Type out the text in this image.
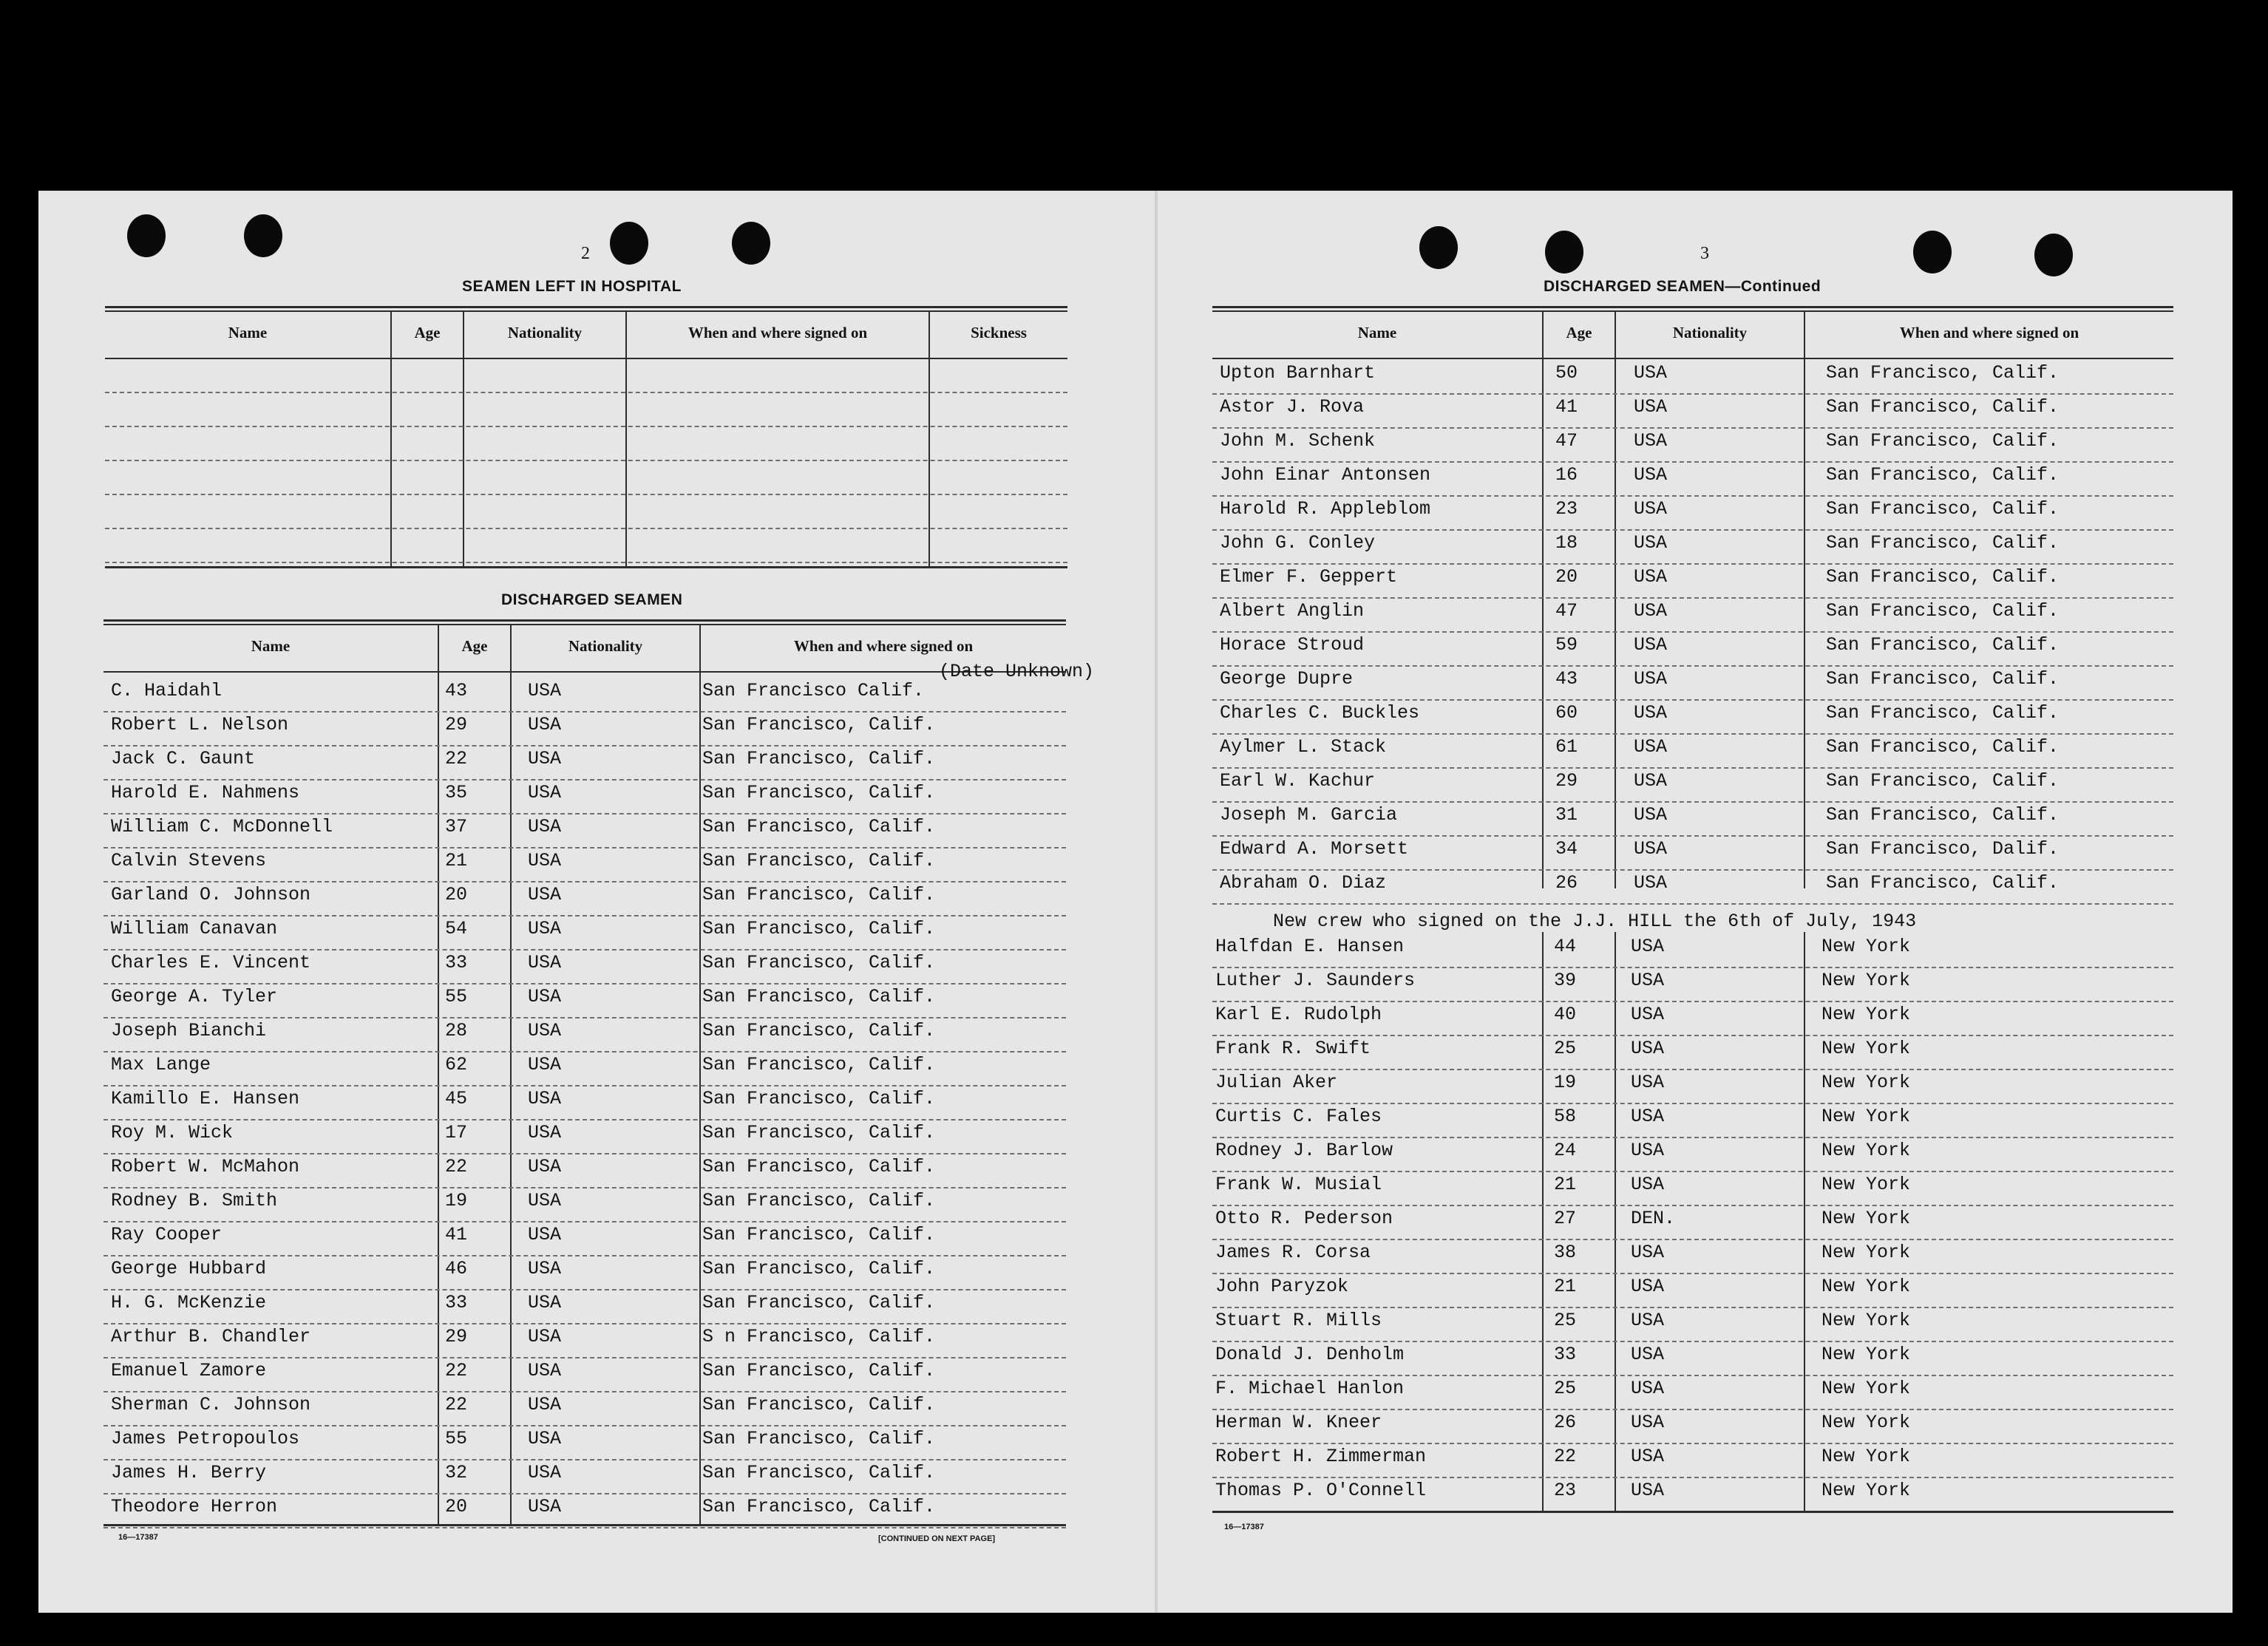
2
SEAMEN LEFT IN HOSPITAL
Name	Age	Nationality	When and where signed on	Sickness
DISCHARGED SEAMEN
Name	Age	Nationality	When and where signed on
(Date Unknown)
C. Haidahl	43	USA	San Francisco Calif.
Robert L. Nelson	29	USA	San Francisco, Calif.
Jack C. Gaunt	22	USA	San Francisco, Calif.
Harold E. Nahmens	35	USA	San Francisco, Calif.
William C. McDonnell	37	USA	San Francisco, Calif.
Calvin Stevens	21	USA	San Francisco, Calif.
Garland O. Johnson	20	USA	San Francisco, Calif.
William Canavan	54	USA	San Francisco, Calif.
Charles E. Vincent	33	USA	San Francisco, Calif.
George A. Tyler	55	USA	San Francisco, Calif.
Joseph Bianchi	28	USA	San Francisco, Calif.
Max Lange	62	USA	San Francisco, Calif.
Kamillo E. Hansen	45	USA	San Francisco, Calif.
Roy M. Wick	17	USA	San Francisco, Calif.
Robert W. McMahon	22	USA	San Francisco, Calif.
Rodney B. Smith	19	USA	San Francisco, Calif.
Ray Cooper	41	USA	San Francisco, Calif.
George Hubbard	46	USA	San Francisco, Calif.
H. G. McKenzie	33	USA	San Francisco, Calif.
Arthur B. Chandler	29	USA	S n Francisco, Calif.
Emanuel Zamore	22	USA	San Francisco, Calif.
Sherman C. Johnson	22	USA	San Francisco, Calif.
James Petropoulos	55	USA	San Francisco, Calif.
James H. Berry	32	USA	San Francisco, Calif.
Theodore Herron	20	USA	San Francisco, Calif.
16—17387	[CONTINUED ON NEXT PAGE]
3
DISCHARGED SEAMEN—Continued
Name	Age	Nationality	When and where signed on
New crew who signed on the J.J. HILL the 6th of July, 1943
Upton Barnhart	50	USA	San Francisco, Calif.
Astor J. Rova	41	USA	San Francisco, Calif.
John M. Schenk	47	USA	San Francisco, Calif.
John Einar Antonsen	16	USA	San Francisco, Calif.
Harold R. Appleblom	23	USA	San Francisco, Calif.
John G. Conley	18	USA	San Francisco, Calif.
Elmer F. Geppert	20	USA	San Francisco, Calif.
Albert Anglin	47	USA	San Francisco, Calif.
Horace Stroud	59	USA	San Francisco, Calif.
George Dupre	43	USA	San Francisco, Calif.
Charles C. Buckles	60	USA	San Francisco, Calif.
Aylmer L. Stack	61	USA	San Francisco, Calif.
Earl W. Kachur	29	USA	San Francisco, Calif.
Joseph M. Garcia	31	USA	San Francisco, Calif.
Edward A. Morsett	34	USA	San Francisco, Dalif.
Abraham O. Diaz	26	USA	San Francisco, Calif.
Halfdan E. Hansen	44	USA	New York
Luther J. Saunders	39	USA	New York
Karl E. Rudolph	40	USA	New York
Frank R. Swift	25	USA	New York
Julian Aker	19	USA	New York
Curtis C. Fales	58	USA	New York
Rodney J. Barlow	24	USA	New York
Frank W. Musial	21	USA	New York
Otto R. Pederson	27	DEN.	New York
James R. Corsa	38	USA	New York
John Paryzok	21	USA	New York
Stuart R. Mills	25	USA	New York
Donald J. Denholm	33	USA	New York
F. Michael Hanlon	25	USA	New York
Herman W. Kneer	26	USA	New York
Robert H. Zimmerman	22	USA	New York
Thomas P. O'Connell	23	USA	New York
16—17387
